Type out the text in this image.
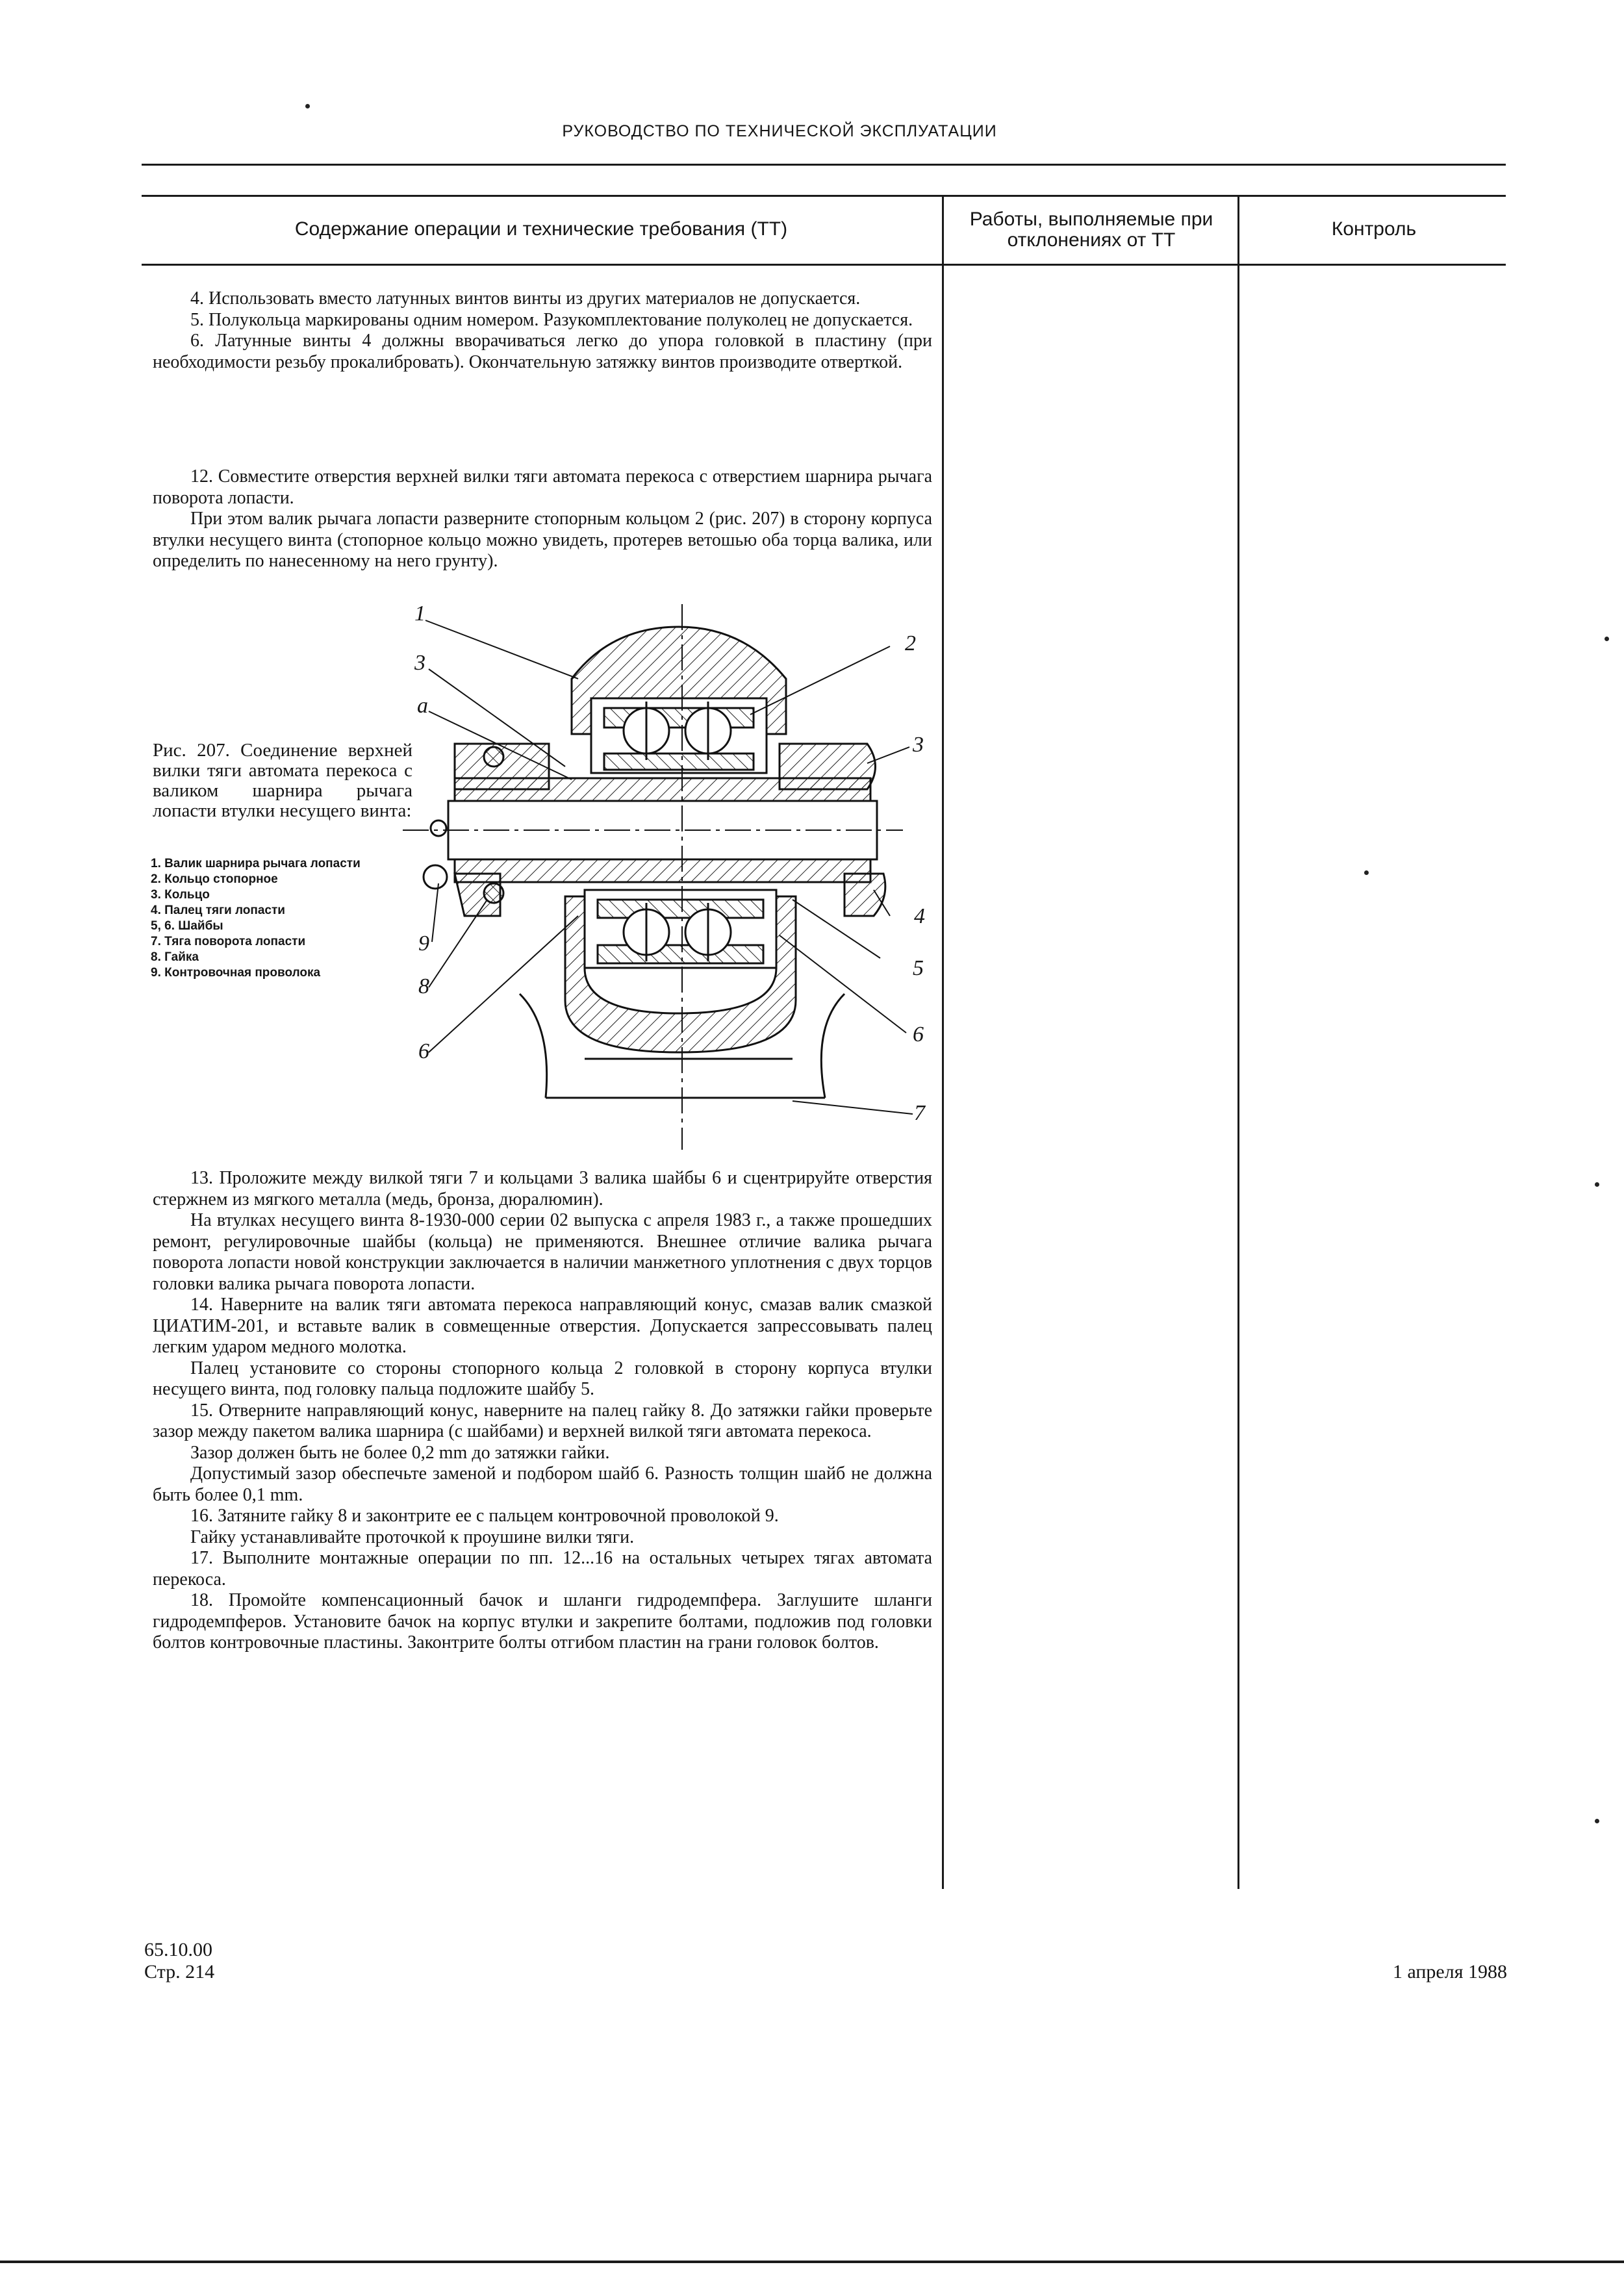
РУКОВОДСТВО ПО ТЕХНИЧЕСКОЙ ЭКСПЛУАТАЦИИ
Содержание операции и технические требования (ТТ)	Работы, выполняемые при отклонениях от ТТ
Контроль

4. Использовать вместо латунных винтов винты из других материалов не допускается.

5. Полукольца маркированы одним номером. Разукомплектование полуколец не допускается.

6. Латунные винты 4 должны вворачиваться легко до упора головкой в пластину (при необходимости резьбу прокалибровать). Окончательную затяжку винтов производите отверткой.

12. Совместите отверстия верхней вилки тяги автомата перекоса с отверстием шарнира рычага поворота лопасти.

При этом валик рычага лопасти разверните стопорным кольцом 2 (рис. 207) в сторону корпуса втулки несущего винта (стопорное кольцо можно увидеть, протерев ветошью оба торца валика, или определить по нанесенному на него грунту).

Рис. 207. Соединение верхней вилки тяги автомата перекоса с валиком шарнира рычага лопасти втулки несущего винта:
1. Валик шарнира рычага лопасти
2. Кольцо стопорное
3. Кольцо
4. Палец тяги лопасти
5, 6. Шайбы
7. Тяга поворота лопасти
8. Гайка
9. Контровочная проволока
1
2
3
a
3
4
5
6
9
8
6
7

13. Проложите между вилкой тяги 7 и кольцами 3 валика шайбы 6 и сцентрируйте отверстия стержнем из мягкого металла (медь, бронза, дюралюмин).

На втулках несущего винта 8-1930-000 серии 02 выпуска с апреля 1983 г., а также прошедших ремонт, регулировочные шайбы (кольца) не применяются. Внешнее отличие валика рычага поворота лопасти новой конструкции заключается в наличии манжетного уплотнения с двух торцов головки валика рычага поворота лопасти.

14. Наверните на валик тяги автомата перекоса направляющий конус, смазав валик смазкой ЦИАТИМ-201, и вставьте валик в совмещенные отверстия. Допускается запрессовывать палец легким ударом медного молотка.

Палец установите со стороны стопорного кольца 2 головкой в сторону корпуса втулки несущего винта, под головку пальца подложите шайбу 5.

15. Отверните направляющий конус, наверните на палец гайку 8. До затяжки гайки проверьте зазор между пакетом валика шарнира (с шайбами) и верхней вилкой тяги автомата перекоса.

Зазор должен быть не более 0,2 mm до затяжки гайки.

Допустимый зазор обеспечьте заменой и подбором шайб 6. Разность толщин шайб не должна быть более 0,1 mm.

16. Затяните гайку 8 и законтрите ее с пальцем контровочной проволокой 9.

Гайку устанавливайте проточкой к проушине вилки тяги.

17. Выполните монтажные операции по пп. 12...16 на остальных четырех тягах автомата перекоса.

18. Промойте компенсационный бачок и шланги гидродемпфера. Заглушите шланги гидродемпферов. Установите бачок на корпус втулки и закрепите болтами, подложив под головки болтов контровочные пластины. Законтрите болты отгибом пластин на грани головок болтов.

65.10.00
Стр. 214	1 апреля 1988
